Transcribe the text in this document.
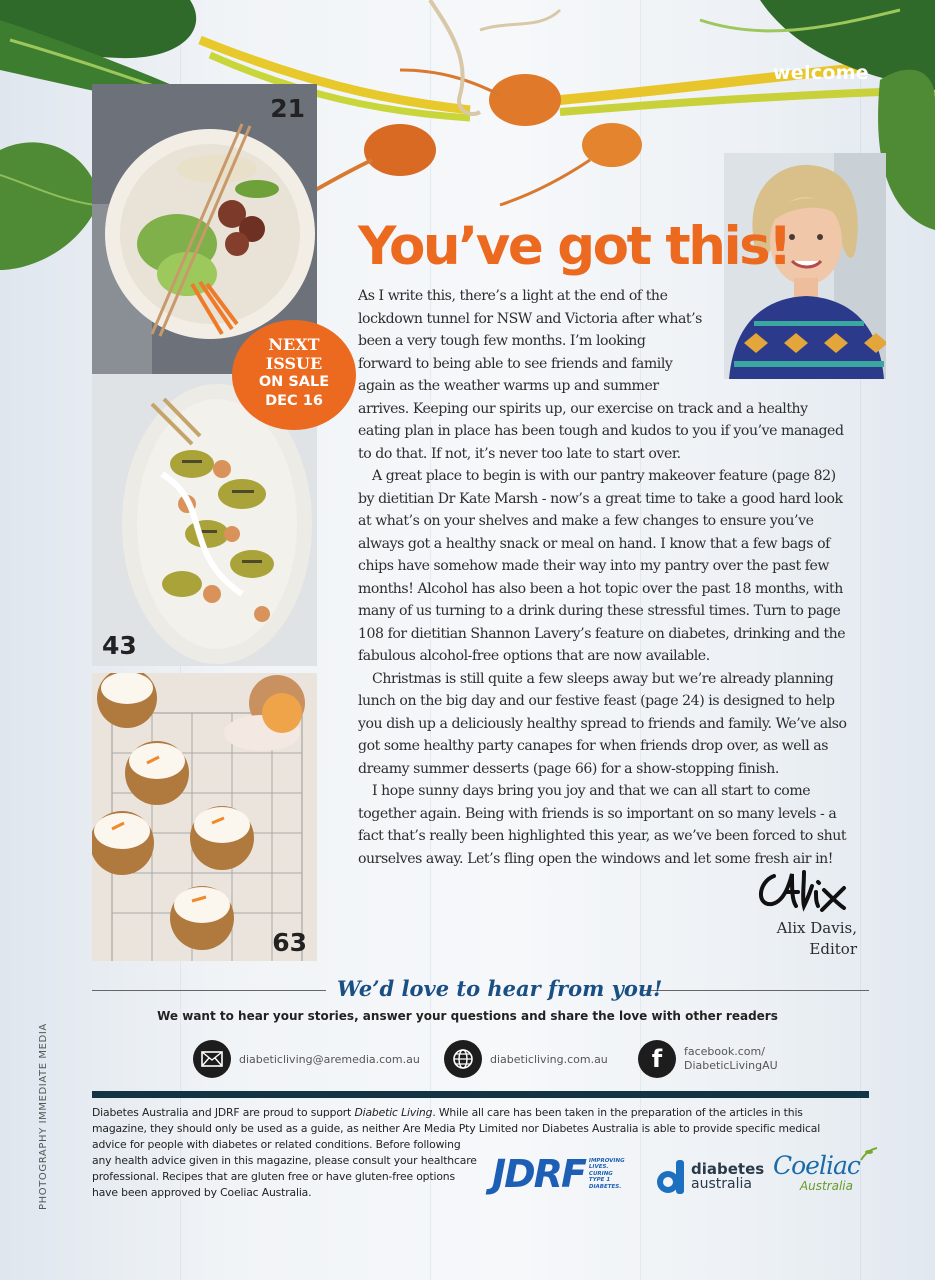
welcome
21
43
63
NEXT
ISSUE
ON SALE
DEC 16
You’ve got this!

As I write this, there’s a light at the end of the

lockdown tunnel for NSW and Victoria after what’s

been a very tough few months. I’m looking

forward to being able to see friends and family

again as the weather warms up and summer

arrives. Keeping our spirits up, our exercise on track and a healthy eating plan in place has been tough and kudos to you if you’ve managed to do that. If not, it’s never too late to start over.

A great place to begin is with our pantry makeover feature (page 82) by dietitian Dr Kate Marsh - now’s a great time to take a good hard look at what’s on your shelves and make a few changes to ensure you’ve always got a healthy snack or meal on hand. I know that a few bags of chips have somehow made their way into my pantry over the past few months! Alcohol has also been a hot topic over the past 18 months, with many of us turning to a drink during these stressful times. Turn to page 108 for dietitian Shannon Lavery’s feature on diabetes, drinking and the fabulous alcohol-free options that are now available.

Christmas is still quite a few sleeps away but we’re already planning lunch on the big day and our festive feast (page 24) is designed to help you dish up a deliciously healthy spread to friends and family. We’ve also got some healthy party canapes for when friends drop over, as well as dreamy summer desserts (page 66) for a show-stopping finish.

I hope sunny days bring you joy and that we can all start to come together again. Being with friends is so important on so many levels - a fact that’s really been highlighted this year, as we’ve been forced to shut ourselves away. Let’s fling open the windows and let some fresh air in!

Alix Davis,
Editor
We’d love to hear from you!
We want to hear your stories, answer your questions and share the love with other readers
diabeticliving@aremedia.com.au	diabeticliving.com.au f facebook.com/
DiabeticLivingAU
Diabetes Australia and JDRF are proud to support Diabetic Living. While all care has been taken in the preparation of the articles in this
magazine, they should only be used as a guide, as neither Are Media Pty Limited nor Diabetes Australia is able to provide specific medical
advice for people with diabetes or related conditions. Before following
any health advice given in this magazine, please consult your healthcare
professional. Recipes that are gluten free or have gluten-free options
have been approved by Coeliac Australia.	JDRF IMPROVING
LIVES.
CURING
TYPE 1
DIABETES.
diabetes
australia
Coeliac
Australia
PHOTOGRAPHY IMMEDIATE MEDIA
